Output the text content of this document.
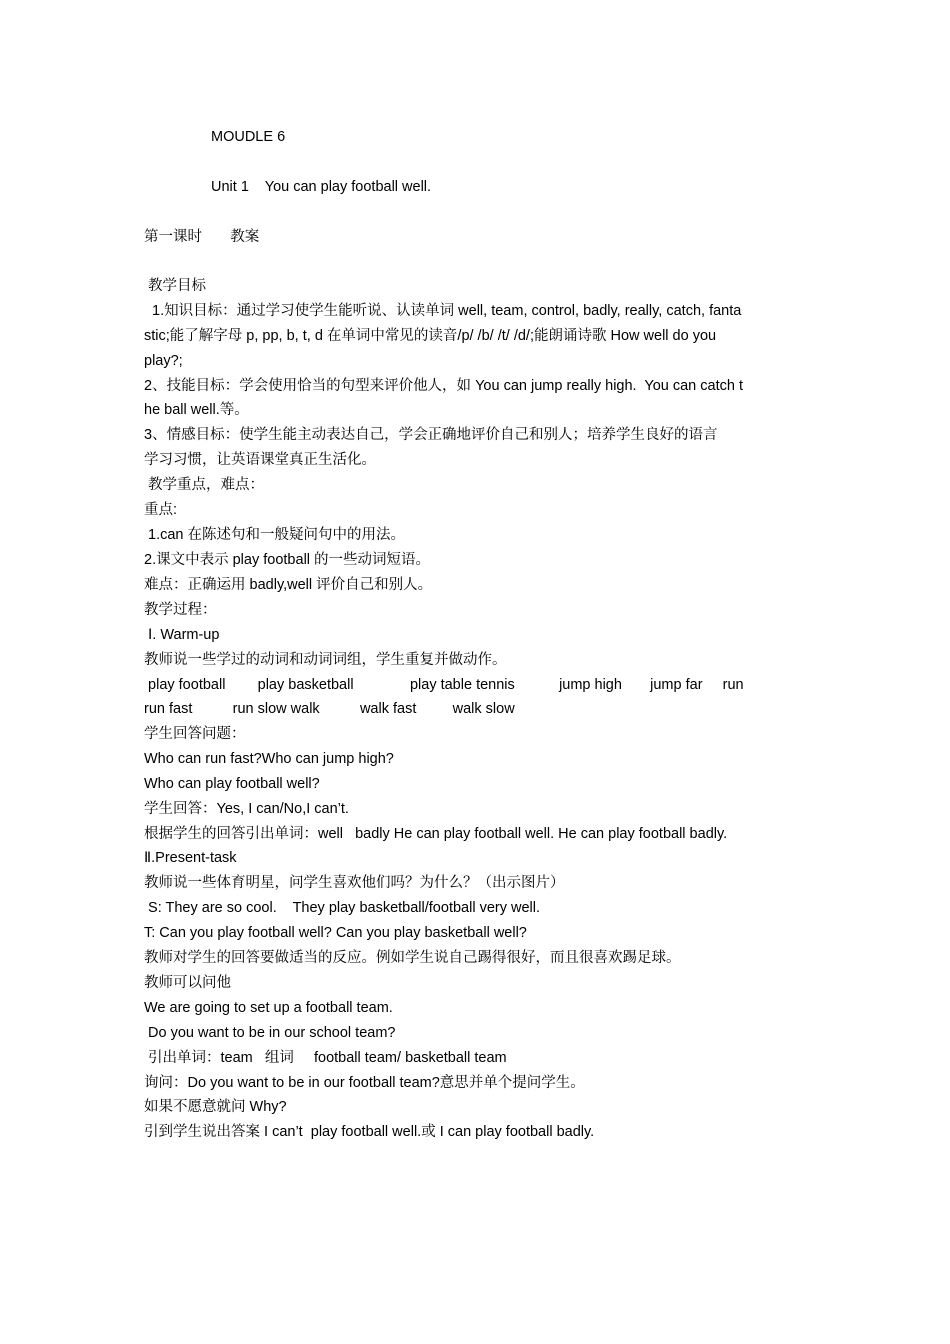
MOUDLE 6
Unit 1    You can play football well.
第一课时       教案
教学目标
1.知识目标：通过学习使学生能听说、认读单词 well, team, control, badly, really, catch, fanta
stic;能了解字母 p, pp, b, t, d 在单词中常见的读音/p/ /b/ /t/ /d/;能朗诵诗歌 How well do you
play?;
2、技能目标：学会使用恰当的句型来评价他人，如 You can jump really high.  You can catch t
he ball well.等。
3、情感目标：使学生能主动表达自己，学会正确地评价自己和别人；培养学生良好的语言
学习习惯，让英语课堂真正生活化。
教学重点，难点：
重点:
1.can 在陈述句和一般疑问句中的用法。
2.课文中表示 play football 的一些动词短语。
难点：正确运用 badly,well 评价自己和别人。
教学过程：
Ⅰ. Warm-up
教师说一些学过的动词和动词词组，学生重复并做动作。
play football        play basketball              play table tennis           jump high       jump far     run
run fast          run slow walk          walk fast         walk slow
学生回答问题：
Who can run fast?Who can jump high?
Who can play football well?
学生回答：Yes, I can/No,I can’t.
根据学生的回答引出单词：well   badly He can play football well. He can play football badly.
Ⅱ.Present-task
教师说一些体育明星，问学生喜欢他们吗？为什么？（出示图片）
S: They are so cool.    They play basketball/football very well.
T: Can you play football well? Can you play basketball well?
教师对学生的回答要做适当的反应。例如学生说自己踢得很好，而且很喜欢踢足球。
教师可以问他
We are going to set up a football team.
Do you want to be in our school team?
引出单词：team   组词     football team/ basketball team
询问：Do you want to be in our football team?意思并单个提问学生。
如果不愿意就问 Why?
引到学生说出答案 I can’t  play football well.或 I can play football badly.
